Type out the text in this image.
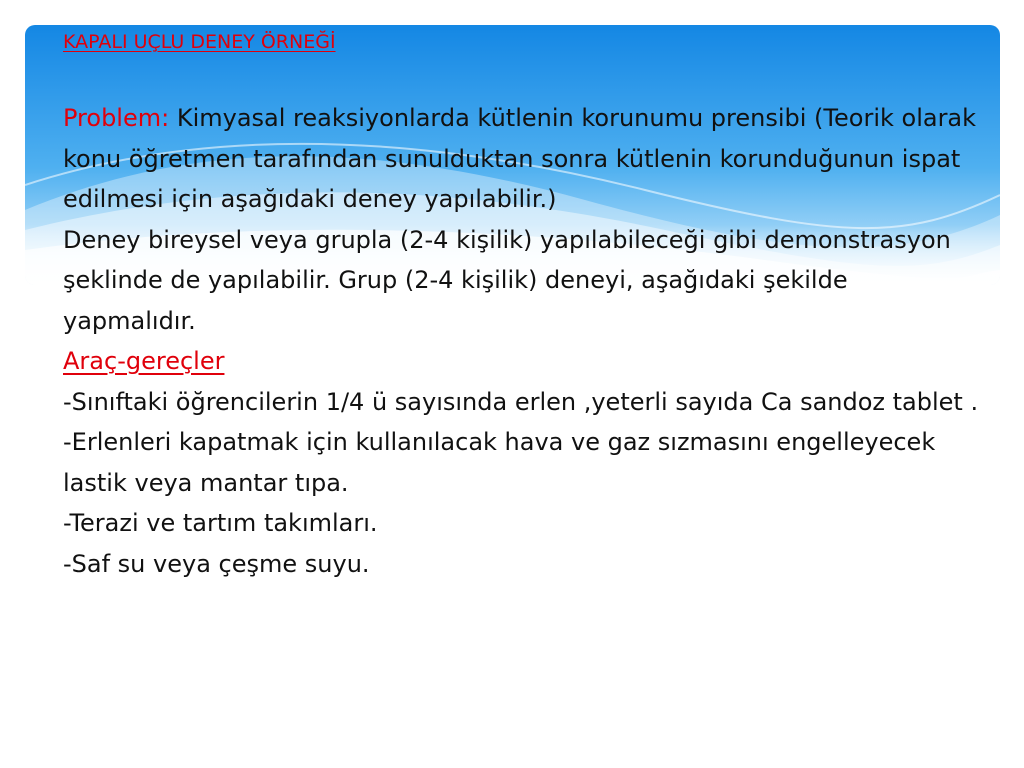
KAPALI UÇLU DENEY ÖRNEĞİ

Problem: Kimyasal reaksiyonlarda kütlenin korunumu prensibi (Teorik olarak konu öğretmen tarafından sunulduktan sonra kütlenin korunduğunun ispat edilmesi için aşağıdaki deney yapılabilir.)

Deney bireysel veya grupla (2-4 kişilik) yapılabileceği gibi demonstrasyon şeklinde de yapılabilir. Grup (2-4 kişilik) deneyi, aşağıdaki şekilde yapmalıdır.

Araç-gereçler

-Sınıftaki öğrencilerin 1/4 ü sayısında erlen ,yeterli sayıda Ca sandoz tablet .

-Erlenleri kapatmak için kullanılacak hava ve gaz sızmasını engelleyecek lastik veya mantar tıpa.

-Terazi ve tartım takımları.

-Saf su veya çeşme suyu.
